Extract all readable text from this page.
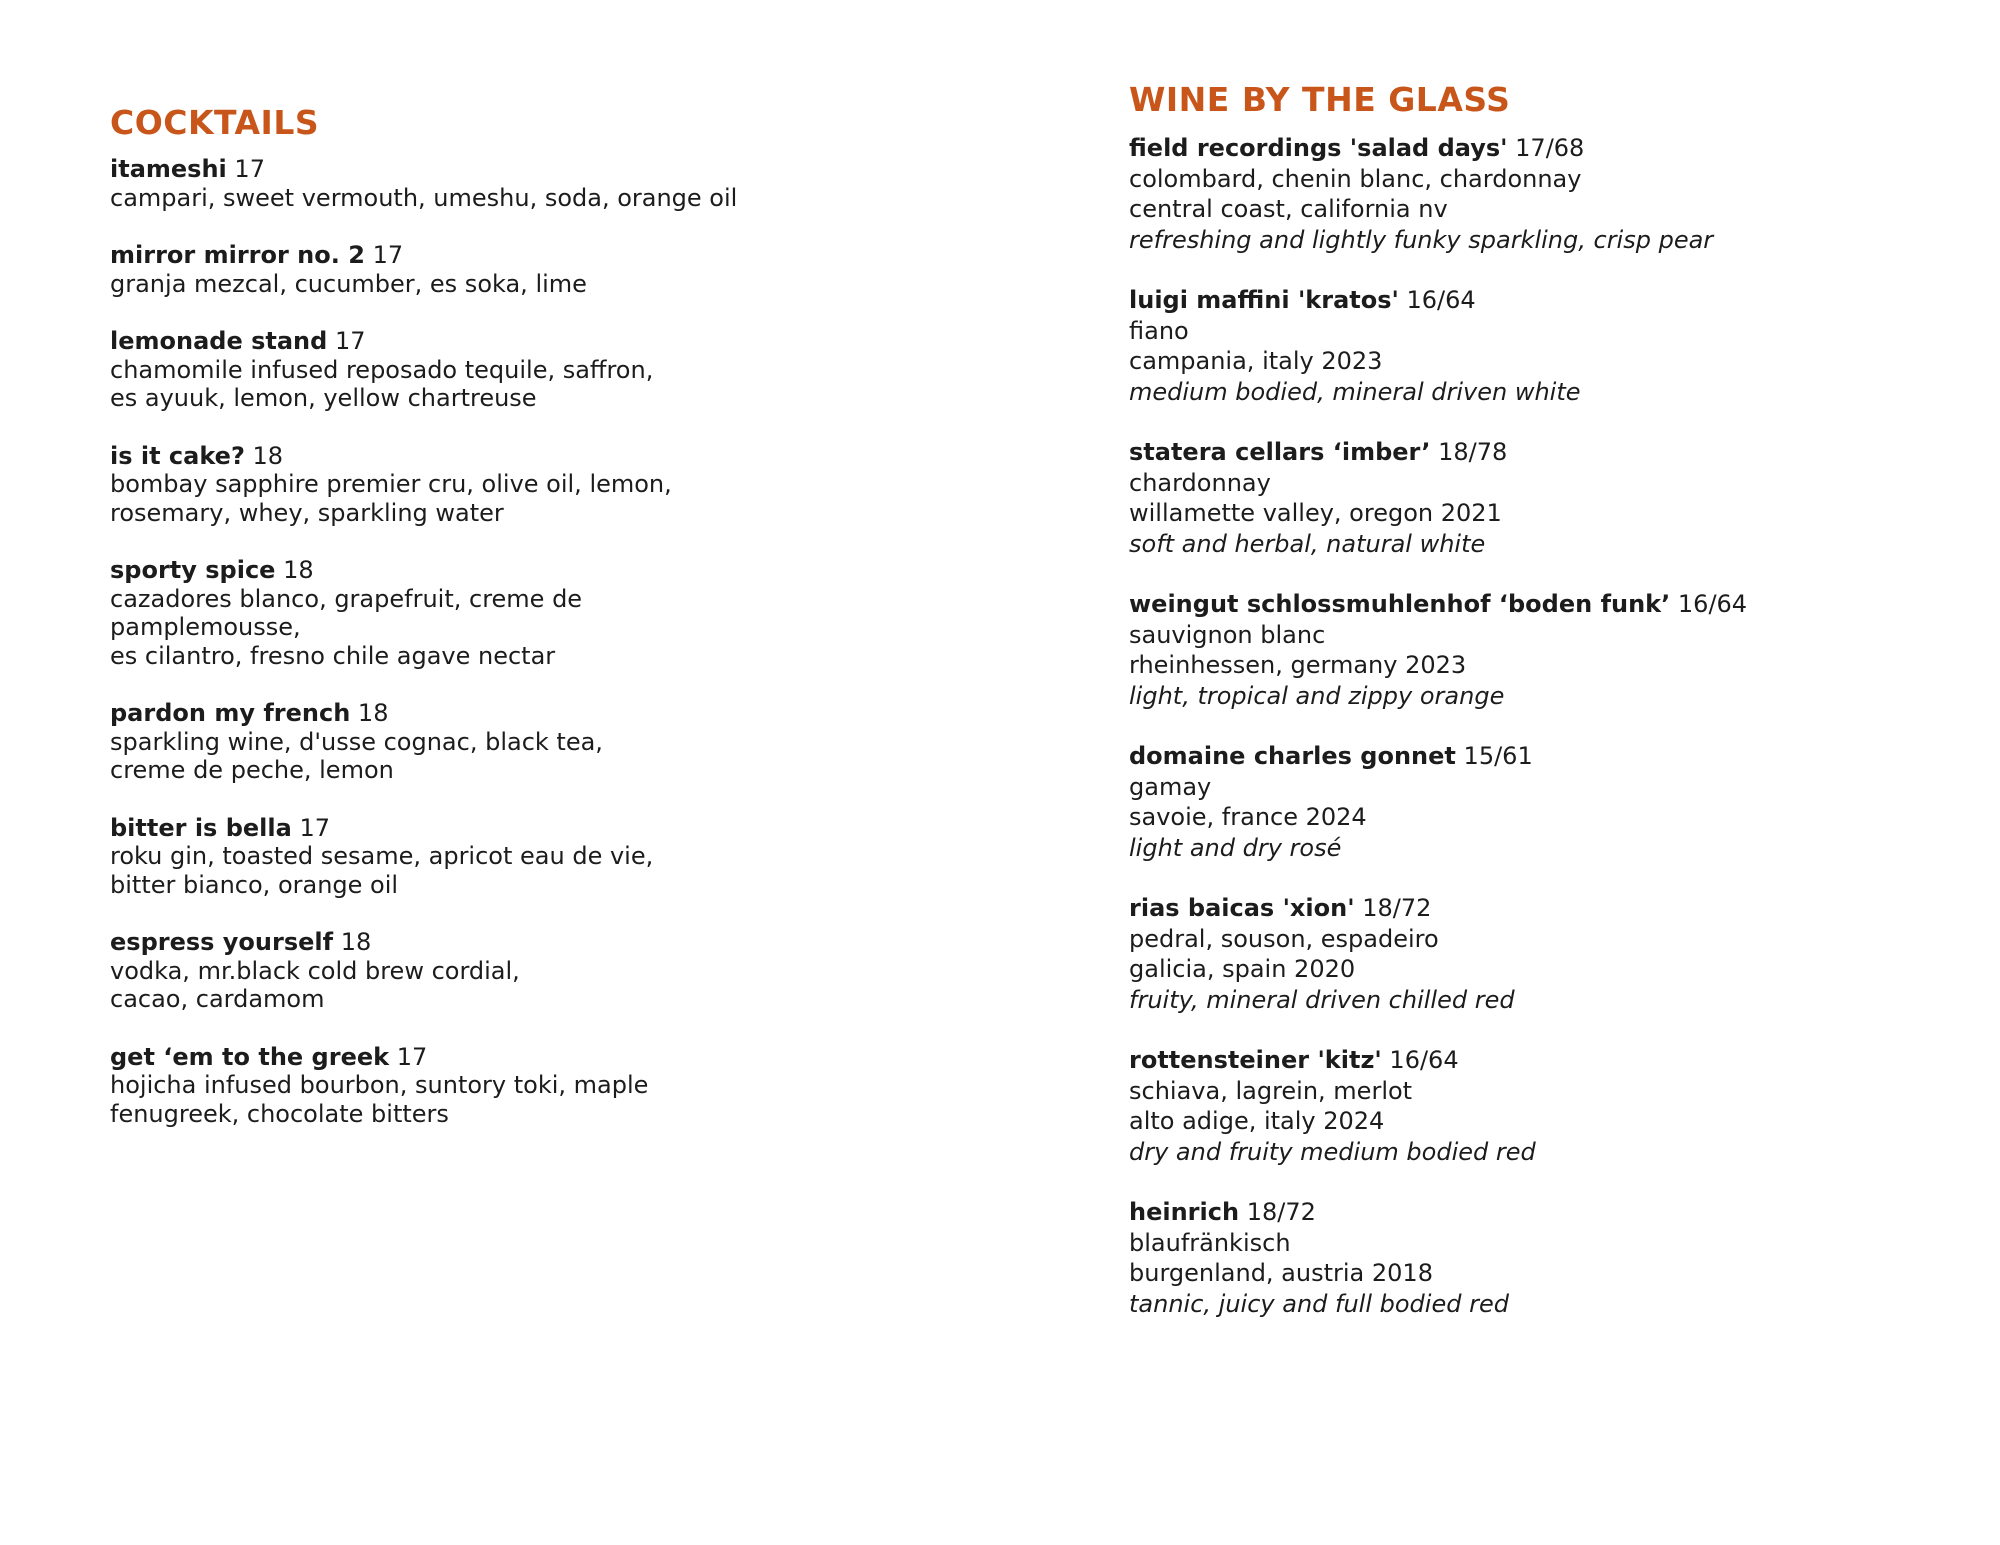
COCKTAILS
itameshi 17
campari, sweet vermouth, umeshu, soda, orange oil
mirror mirror no. 2 17
granja mezcal, cucumber, es soka, lime
lemonade stand 17
chamomile infused reposado tequile, saffron,
es ayuuk, lemon, yellow chartreuse
is it cake? 18
bombay sapphire premier cru, olive oil, lemon,
rosemary, whey, sparkling water
sporty spice 18
cazadores blanco, grapefruit, creme de
pamplemousse,
es cilantro, fresno chile agave nectar
pardon my french 18
sparkling wine, d'usse cognac, black tea,
creme de peche, lemon
bitter is bella 17
roku gin, toasted sesame, apricot eau de vie,
bitter bianco, orange oil
espress yourself 18
vodka, mr.black cold brew cordial,
cacao, cardamom
get ‘em to the greek 17
hojicha infused bourbon, suntory toki, maple
fenugreek, chocolate bitters
WINE BY THE GLASS
field recordings 'salad days' 17/68
colombard, chenin blanc, chardonnay
central coast, california nv
refreshing and lightly funky sparkling, crisp pear
luigi maffini 'kratos' 16/64
fiano
campania, italy 2023
medium bodied, mineral driven white
statera cellars ‘imber’ 18/78
chardonnay
willamette valley, oregon 2021
soft and herbal, natural white
weingut schlossmuhlenhof ‘boden funk’ 16/64
sauvignon blanc
rheinhessen, germany 2023
light, tropical and zippy orange
domaine charles gonnet 15/61
gamay
savoie, france 2024
light and dry rosé
rias baicas 'xion' 18/72
pedral, souson, espadeiro
galicia, spain 2020
fruity, mineral driven chilled red
rottensteiner 'kitz' 16/64
schiava, lagrein, merlot
alto adige, italy 2024
dry and fruity medium bodied red
heinrich 18/72
blaufränkisch
burgenland, austria 2018
tannic, juicy and full bodied red
